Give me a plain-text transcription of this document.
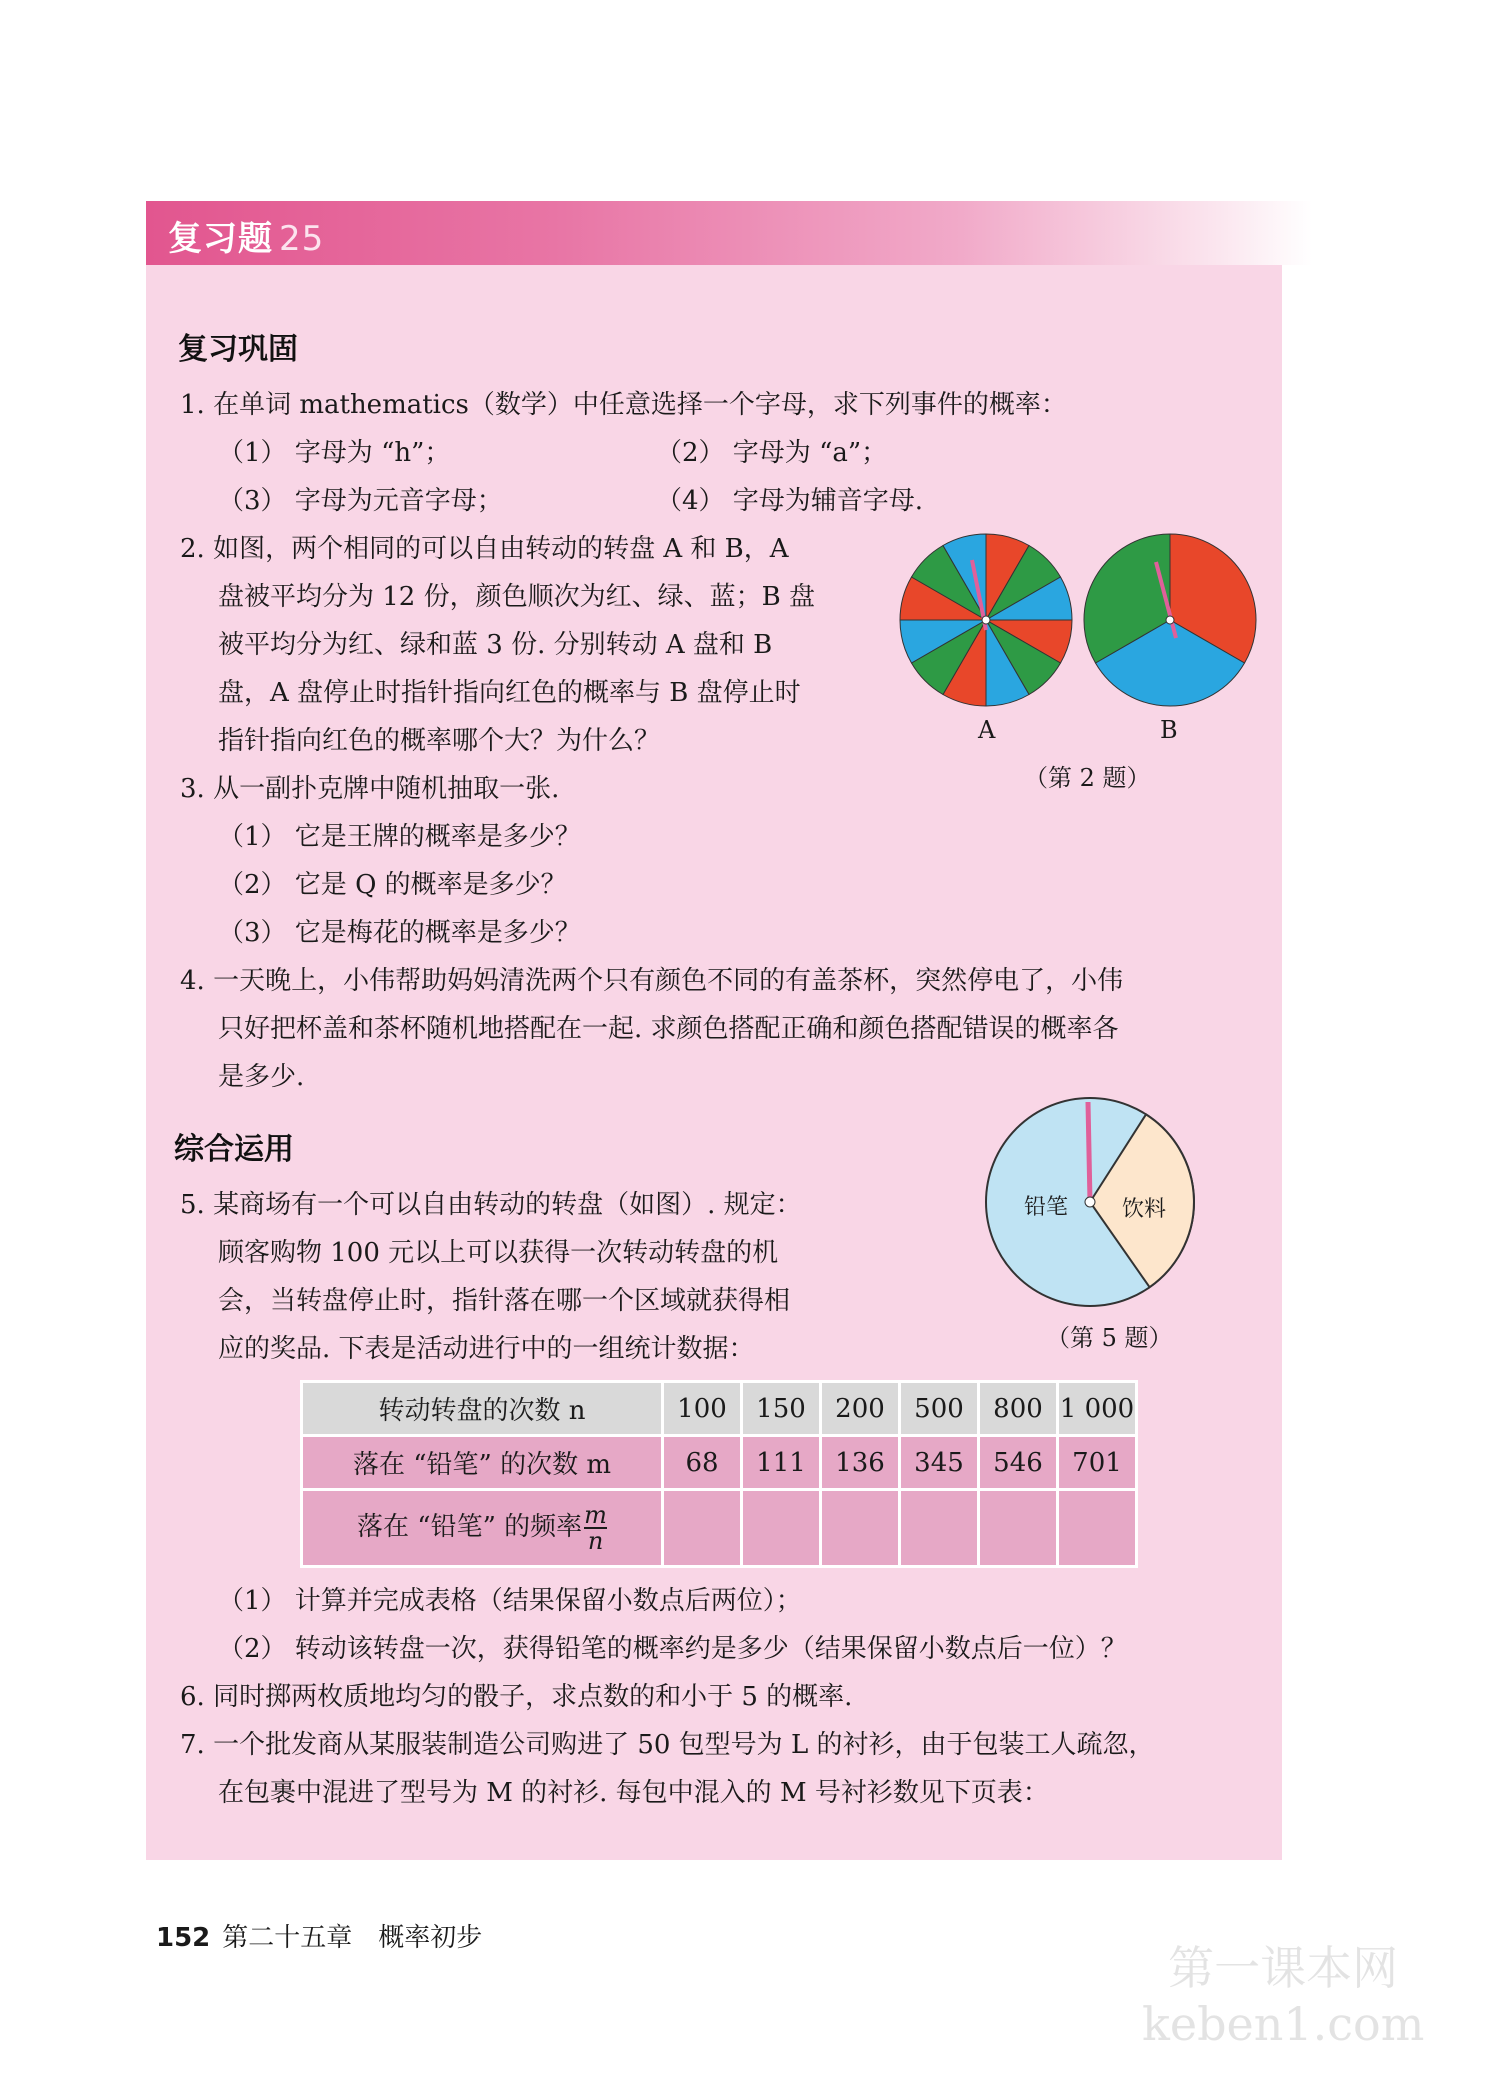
复习题 25
复习巩固
1. 在单词 mathematics（数学）中任意选择一个字母，求下列事件的概率：
（1） 字母为 “h”；	（2） 字母为 “a”；
（3） 字母为元音字母；	（4） 字母为辅音字母.
2. 如图，两个相同的可以自由转动的转盘 A 和 B，A
盘被平均分为 12 份，颜色顺次为红、绿、蓝；B 盘
被平均分为红、绿和蓝 3 份. 分别转动 A 盘和 B
盘，A 盘停止时指针指向红色的概率与 B 盘停止时
指针指向红色的概率哪个大？为什么？	A	B
（第 2 题）
3. 从一副扑克牌中随机抽取一张.
（1） 它是王牌的概率是多少？
（2） 它是 Q 的概率是多少？
（3） 它是梅花的概率是多少？
4. 一天晚上，小伟帮助妈妈清洗两个只有颜色不同的有盖茶杯，突然停电了，小伟
只好把杯盖和茶杯随机地搭配在一起. 求颜色搭配正确和颜色搭配错误的概率各
是多少.
综合运用
5. 某商场有一个可以自由转动的转盘（如图）. 规定：
顾客购物 100 元以上可以获得一次转动转盘的机
会，当转盘停止时，指针落在哪一个区域就获得相
应的奖品. 下表是活动进行中的一组统计数据：
铅笔 饮料
（第 5 题）
转动转盘的次数 n	100	150	200	500	800	1 000
落在 “铅笔” 的次数 m	68	111	136	345	546	701
落在 “铅笔” 的频率 $\frac{m}{n}$

（1） 计算并完成表格（结果保留小数点后两位）；
（2） 转动该转盘一次，获得铅笔的概率约是多少（结果保留小数点后一位）？
6. 同时掷两枚质地均匀的骰子，求点数的和小于 5 的概率.
7. 一个批发商从某服装制造公司购进了 50 包型号为 L 的衬衫，由于包装工人疏忽，
在包裹中混进了型号为 M 的衬衫. 每包中混入的 M 号衬衫数见下页表：
152 第二十五章　概率初步
第一课本网
keben1.com
